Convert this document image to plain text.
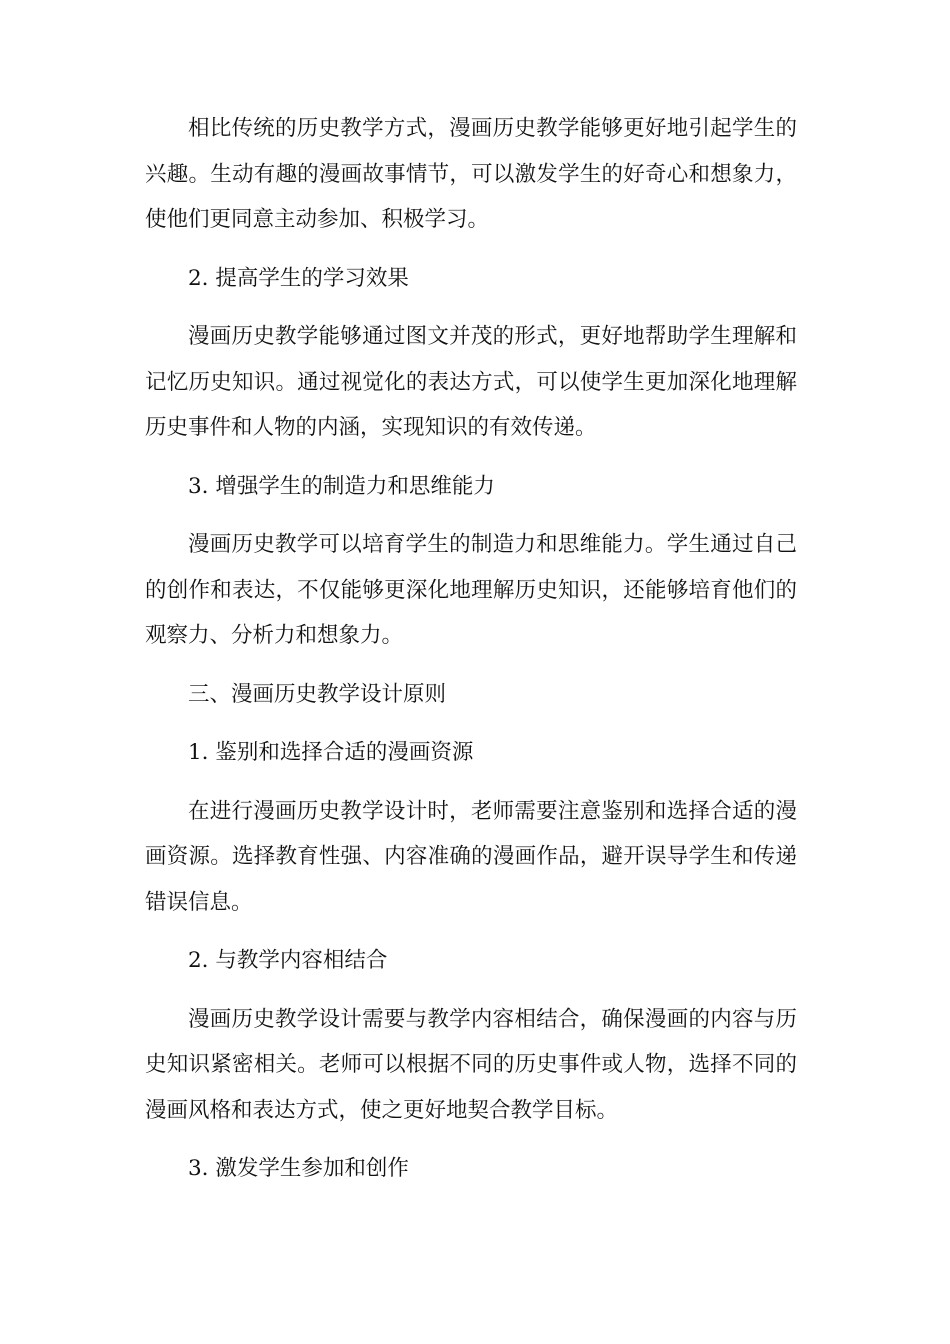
相比传统的历史教学方式，漫画历史教学能够更好地引起学生的兴趣。生动有趣的漫画故事情节，可以激发学生的好奇心和想象力，使他们更同意主动参加、积极学习。

2. 提高学生的学习效果

漫画历史教学能够通过图文并茂的形式，更好地帮助学生理解和记忆历史知识。通过视觉化的表达方式，可以使学生更加深化地理解历史事件和人物的内涵，实现知识的有效传递。

3. 增强学生的制造力和思维能力

漫画历史教学可以培育学生的制造力和思维能力。学生通过自己的创作和表达，不仅能够更深化地理解历史知识，还能够培育他们的观察力、分析力和想象力。

三、漫画历史教学设计原则

1. 鉴别和选择合适的漫画资源

在进行漫画历史教学设计时，老师需要注意鉴别和选择合适的漫画资源。选择教育性强、内容准确的漫画作品，避开误导学生和传递错误信息。

2. 与教学内容相结合

漫画历史教学设计需要与教学内容相结合，确保漫画的内容与历史知识紧密相关。老师可以根据不同的历史事件或人物，选择不同的漫画风格和表达方式，使之更好地契合教学目标。

3. 激发学生参加和创作
